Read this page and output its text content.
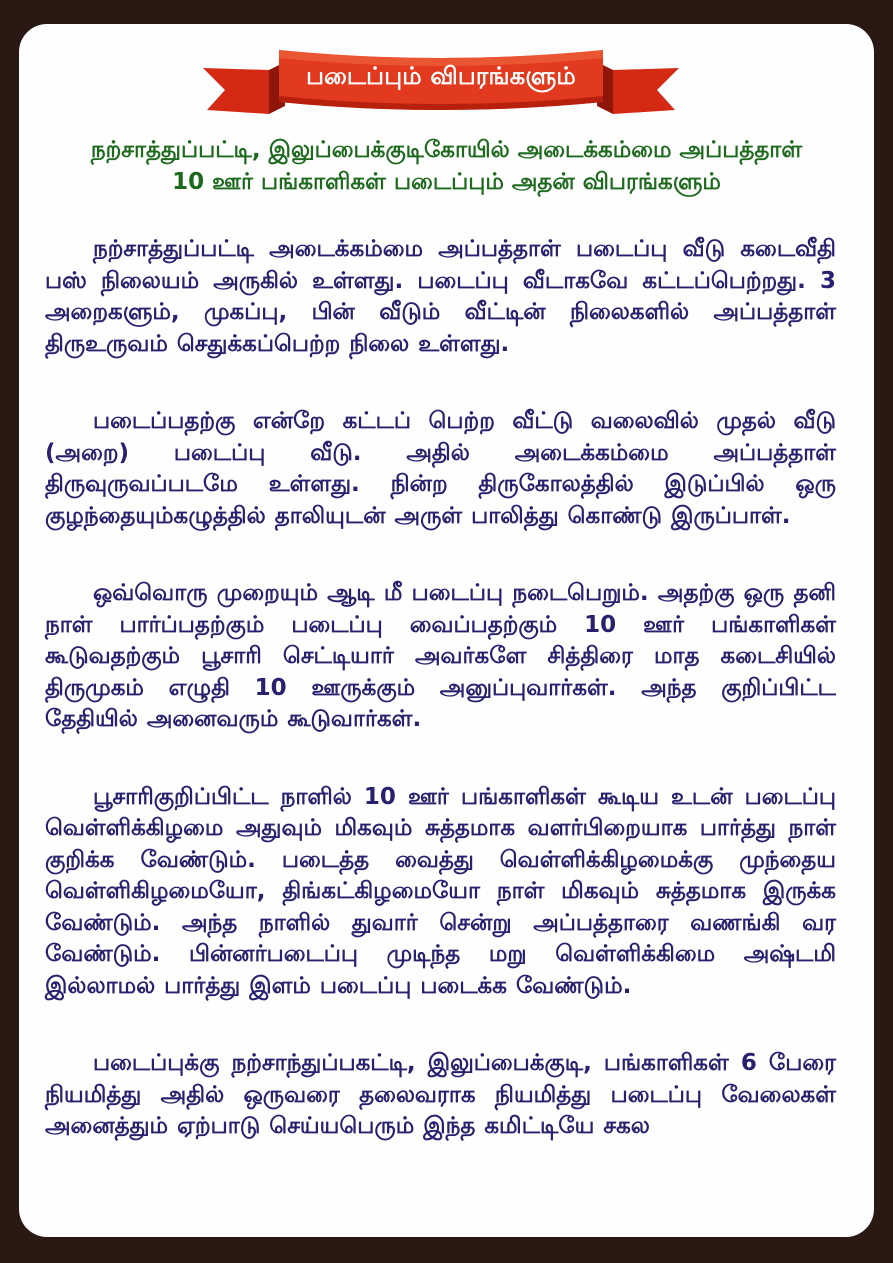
படைப்பும் விபரங்களும்
நற்சாத்துப்பட்டி, இலுப்பைக்குடிகோயில் அடைக்கம்மை அப்பத்தாள்
10 ஊர் பங்காளிகள் படைப்பும் அதன் விபரங்களும்

நற்சாத்துப்பட்டி அடைக்கம்மை அப்பத்தாள் படைப்பு வீடு கடைவீதி பஸ் நிலையம் அருகில் உள்ளது. படைப்பு வீடாகவே கட்டப்பெற்றது. 3 அறைகளும், முகப்பு, பின் வீடும் வீட்டின் நிலைகளில் அப்பத்தாள் திருஉருவம் செதுக்கப்பெற்ற நிலை உள்ளது.

படைப்பதற்கு என்றே கட்டப் பெற்ற வீட்டு வலைவில் முதல் வீடு (அறை) படைப்பு வீடு. அதில் அடைக்கம்மை அப்பத்தாள் திருவுருவப்படமே உள்ளது. நின்ற திருகோலத்தில் இடுப்பில் ஒரு குழந்தையும்கழுத்தில் தாலியுடன் அருள் பாலித்து கொண்டு இருப்பாள்.

ஒவ்வொரு முறையும் ஆடி மீ படைப்பு நடைபெறும். அதற்கு ஒரு தனி நாள் பார்ப்பதற்கும் படைப்பு வைப்பதற்கும் 10 ஊர் பங்காளிகள் கூடுவதற்கும் பூசாரி செட்டியார் அவர்களே சித்திரை மாத கடைசியில் திருமுகம் எழுதி 10 ஊருக்கும் அனுப்புவார்கள். அந்த குறிப்பிட்ட தேதியில் அனைவரும் கூடுவார்கள்.

பூசாரிகுறிப்பிட்ட நாளில் 10 ஊர் பங்காளிகள் கூடிய உடன் படைப்பு வெள்ளிக்கிழமை அதுவும் மிகவும் சுத்தமாக வளர்பிறையாக பார்த்து நாள் குறிக்க வேண்டும். படைத்த வைத்து வெள்ளிக்கிழமைக்கு முந்தைய வெள்ளிகிழமையோ, திங்கட்கிழமையோ நாள் மிகவும் சுத்தமாக இருக்க வேண்டும். அந்த நாளில் துவார் சென்று அப்பத்தாரை வணங்கி வர வேண்டும். பின்னர்படைப்பு முடிந்த மறு வெள்ளிக்கிமை அஷ்டமி இல்லாமல் பார்த்து இளம் படைப்பு படைக்க வேண்டும்.

படைப்புக்கு நற்சாந்துப்பகட்டி, இலுப்பைக்குடி, பங்காளிகள் 6 பேரை நியமித்து அதில் ஒருவரை தலைவராக நியமித்து படைப்பு வேலைகள் அனைத்தும் ஏற்பாடு செய்யபெரும் இந்த கமிட்டியே சகல
